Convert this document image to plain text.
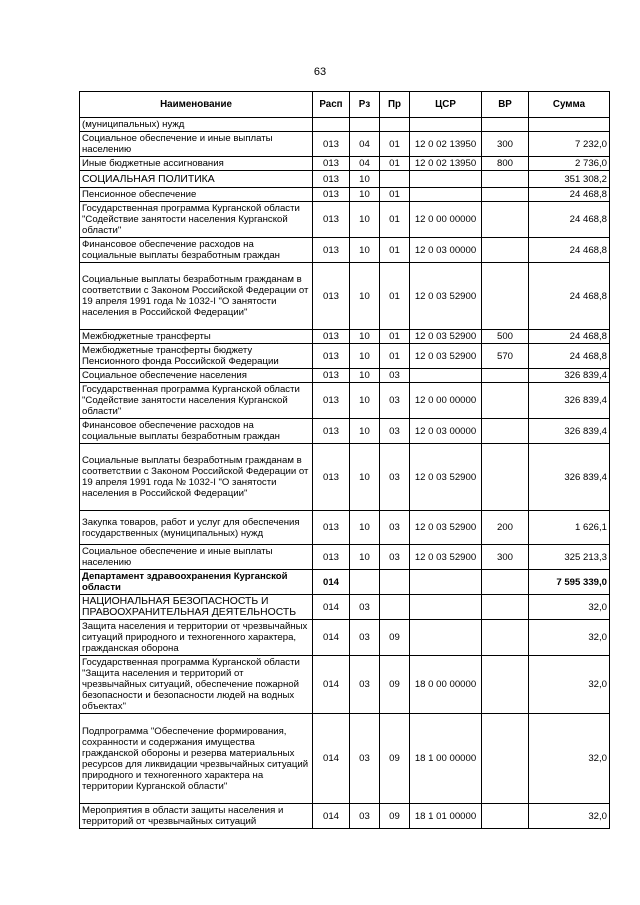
63
Наименование	Расп	Рз	Пр	ЦСР	ВР	Сумма
(муниципальных) нужд						
Социальное обеспечение и иные выплаты населению	013	04	01	12 0 02 13950	300	7 232,0
Иные бюджетные ассигнования	013	04	01	12 0 02 13950	800	2 736,0
СОЦИАЛЬНАЯ ПОЛИТИКА	013	10				351 308,2
Пенсионное обеспечение	013	10	01			24 468,8
Государственная программа Курганской области "Содействие занятости населения Курганской области"	013	10	01	12 0 00 00000		24 468,8
Финансовое обеспечение расходов на социальные выплаты безработным граждан	013	10	01	12 0 03 00000		24 468,8
Социальные выплаты безработным гражданам в соответствии с Законом Российской Федерации от 19 апреля 1991 года № 1032-I "О занятости населения в Российской Федерации"	013	10	01	12 0 03 52900		24 468,8
Межбюджетные трансферты	013	10	01	12 0 03 52900	500	24 468,8
Межбюджетные трансферты бюджету Пенсионного фонда Российской Федерации	013	10	01	12 0 03 52900	570	24 468,8
Социальное обеспечение населения	013	10	03			326 839,4
Государственная программа Курганской области "Содействие занятости населения Курганской области"	013	10	03	12 0 00 00000		326 839,4
Финансовое обеспечение расходов на социальные выплаты безработным граждан	013	10	03	12 0 03 00000		326 839,4
Социальные выплаты безработным гражданам в соответствии с Законом Российской Федерации от 19 апреля 1991 года № 1032-I "О занятости населения в Российской Федерации"	013	10	03	12 0 03 52900		326 839,4
Закупка товаров, работ и услуг для обеспечения государственных (муниципальных) нужд	013	10	03	12 0 03 52900	200	1 626,1
Социальное обеспечение и иные выплаты населению	013	10	03	12 0 03 52900	300	325 213,3
Департамент здравоохранения Курганской области	014					7 595 339,0
НАЦИОНАЛЬНАЯ БЕЗОПАСНОСТЬ И ПРАВООХРАНИТЕЛЬНАЯ ДЕЯТЕЛЬНОСТЬ	014	03				32,0
Защита населения и территории от чрезвычайных ситуаций природного и техногенного характера, гражданская оборона	014	03	09			32,0
Государственная программа Курганской области "Защита населения и территорий от чрезвычайных ситуаций, обеспечение пожарной безопасности и безопасности людей на водных объектах"	014	03	09	18 0 00 00000		32,0
Подпрограмма "Обеспечение формирования, сохранности и содержания имущества гражданской обороны и резерва материальных ресурсов для ликвидации чрезвычайных ситуаций природного и техногенного характера на территории Курганской области"	014	03	09	18 1 00 00000		32,0
Мероприятия в области защиты населения и территорий от чрезвычайных ситуаций	014	03	09	18 1 01 00000		32,0
